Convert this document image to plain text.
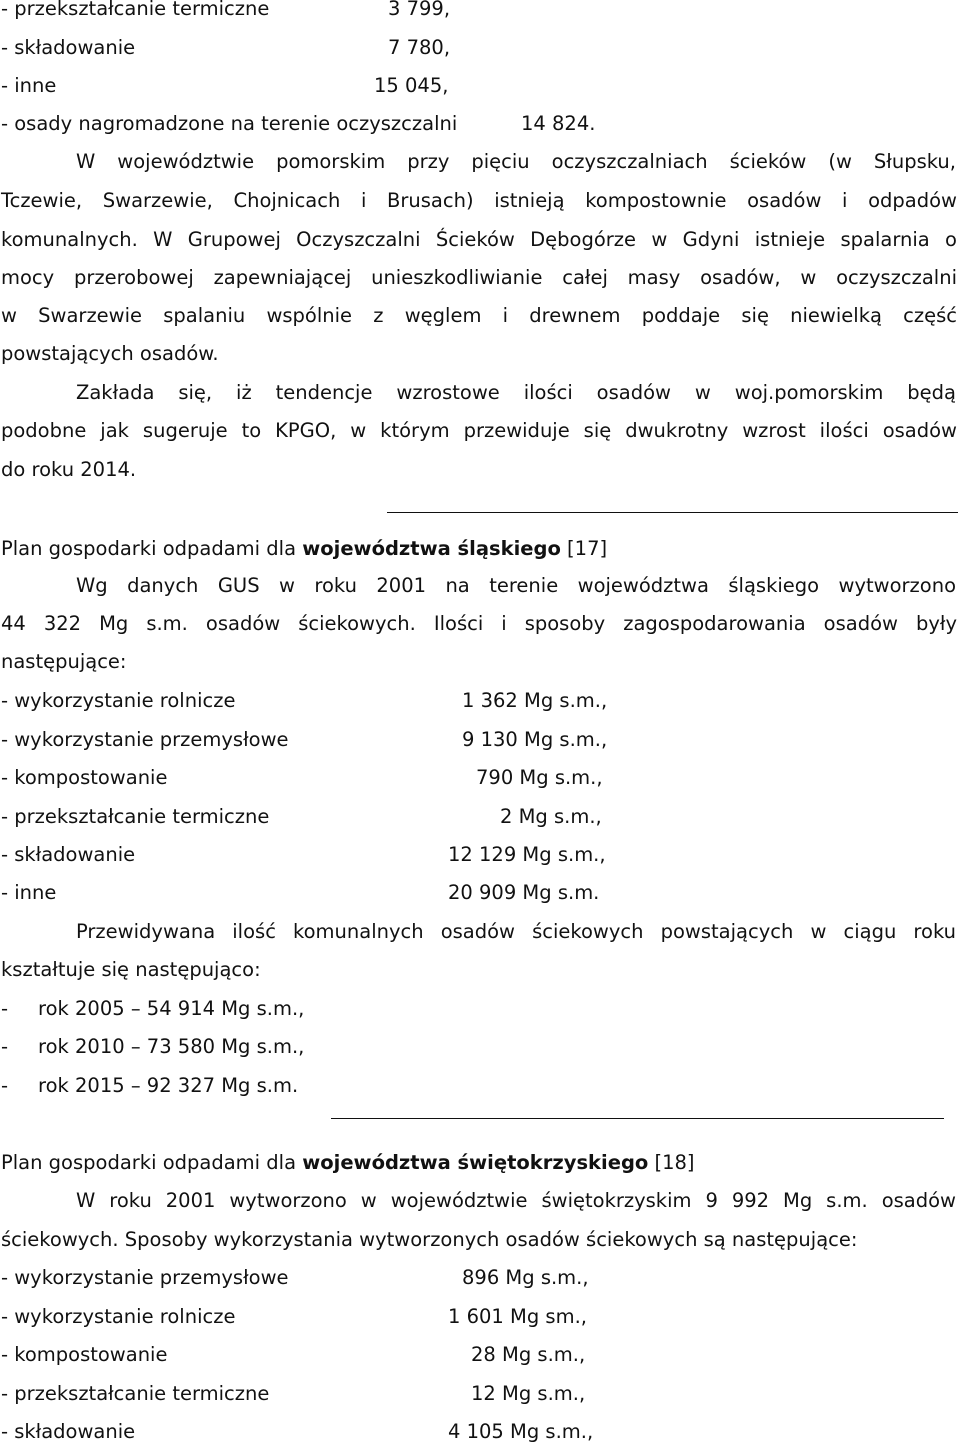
- przekształcanie termiczne	3 799,
- składowanie	7 780,
- inne	15 045,
- osady nagromadzone na terenie oczyszczalni	14 824.
W województwie pomorskim przy pięciu oczyszczalniach ścieków (w Słupsku,
Tczewie, Swarzewie, Chojnicach i Brusach) istnieją kompostownie osadów i odpadów
komunalnych. W Grupowej Oczyszczalni Ścieków Dębogórze w Gdyni istnieje spalarnia o
mocy przerobowej zapewniającej unieszkodliwianie całej masy osadów, w oczyszczalni
w Swarzewie spalaniu wspólnie z węglem i drewnem poddaje się niewielką część
powstających osadów.
Zakłada się, iż tendencje wzrostowe ilości osadów w woj.pomorskim będą
podobne jak sugeruje to KPGO, w którym przewiduje się dwukrotny wzrost ilości osadów
do roku 2014.
Plan gospodarki odpadami dla województwa śląskiego [17]
Wg danych GUS w roku 2001 na terenie województwa śląskiego wytworzono
44 322 Mg s.m. osadów ściekowych. Ilości i sposoby zagospodarowania osadów były
następujące:
- wykorzystanie rolnicze	1 362 Mg s.m.,
- wykorzystanie przemysłowe	9 130 Mg s.m.,
- kompostowanie	790 Mg s.m.,
- przekształcanie termiczne	2 Mg s.m.,
- składowanie	12 129 Mg s.m.,
- inne	20 909 Mg s.m.
Przewidywana ilość komunalnych osadów ściekowych powstających w ciągu roku
kształtuje się następująco:
- rok 2005 – 54 914 Mg s.m.,
- rok 2010 – 73 580 Mg s.m.,
- rok 2015 – 92 327 Mg s.m.
Plan gospodarki odpadami dla województwa świętokrzyskiego [18]
W roku 2001 wytworzono w województwie świętokrzyskim 9 992 Mg s.m. osadów
ściekowych. Sposoby wykorzystania wytworzonych osadów ściekowych są następujące:
- wykorzystanie przemysłowe	896 Mg s.m.,
- wykorzystanie rolnicze	1 601 Mg sm.,
- kompostowanie	28 Mg s.m.,
- przekształcanie termiczne	12 Mg s.m.,
- składowanie	4 105 Mg s.m.,
